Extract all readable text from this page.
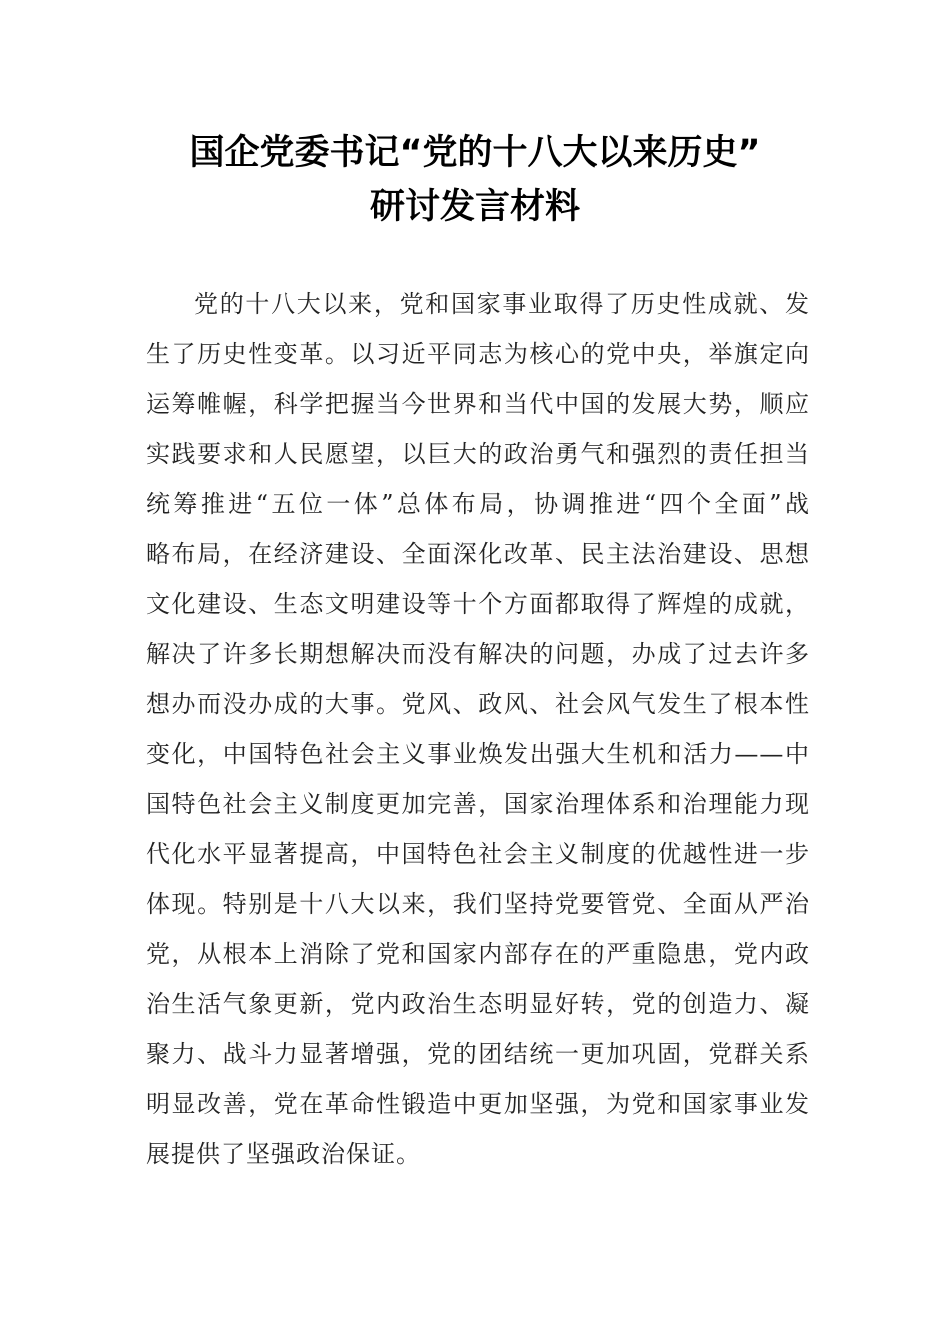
国企党委书记“党的十八大以来历史”
研讨发言材料
党的十八大以来，党和国家事业取得了历史性成就、发
生了历史性变革。以习近平同志为核心的党中央，举旗定向
运筹帷幄，科学把握当今世界和当代中国的发展大势，顺应
实践要求和人民愿望，以巨大的政治勇气和强烈的责任担当
统筹推进“五位一体”总体布局，协调推进“四个全面”战
略布局，在经济建设、全面深化改革、民主法治建设、思想
文化建设、生态文明建设等十个方面都取得了辉煌的成就，
解决了许多长期想解决而没有解决的问题，办成了过去许多
想办而没办成的大事。党风、政风、社会风气发生了根本性
变化，中国特色社会主义事业焕发出强大生机和活力——中
国特色社会主义制度更加完善，国家治理体系和治理能力现
代化水平显著提高，中国特色社会主义制度的优越性进一步
体现。特别是十八大以来，我们坚持党要管党、全面从严治
党，从根本上消除了党和国家内部存在的严重隐患，党内政
治生活气象更新，党内政治生态明显好转，党的创造力、凝
聚力、战斗力显著增强，党的团结统一更加巩固，党群关系
明显改善，党在革命性锻造中更加坚强，为党和国家事业发
展提供了坚强政治保证。
